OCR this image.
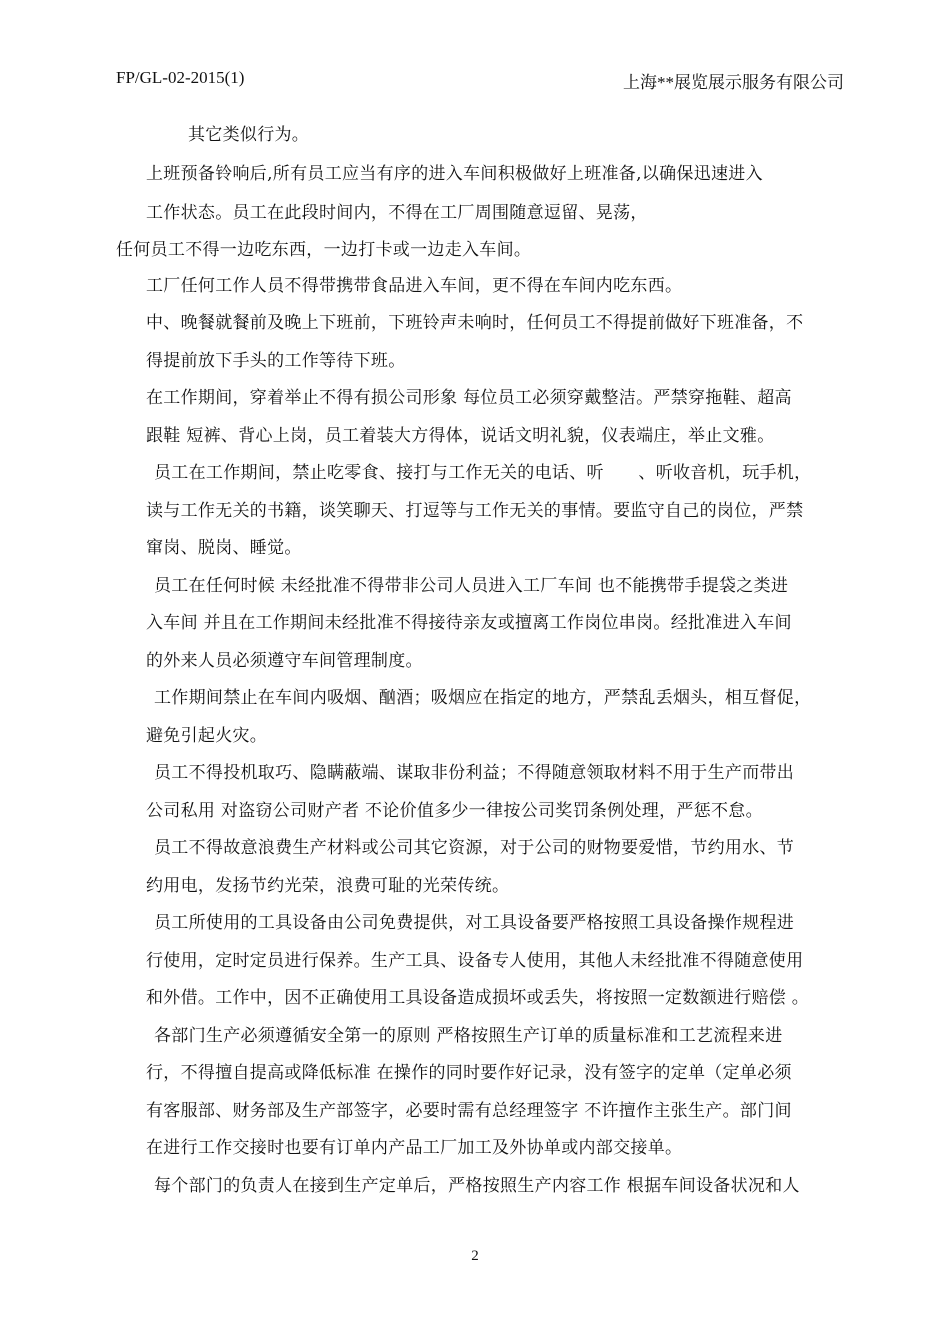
FP/GL-02-2015(1)	上海**展览展示服务有限公司
其它类似行为。
上班预备铃响后,所有员工应当有序的进入车间积极做好上班准备,以确保迅速进入
工作状态。员工在此段时间内，不得在工厂周围随意逗留、晃荡，
任何员工不得一边吃东西，一边打卡或一边走入车间。
工厂任何工作人员不得带携带食品进入车间，更不得在车间内吃东西。
中、晚餐就餐前及晚上下班前，下班铃声未响时，任何员工不得提前做好下班准备，不
得提前放下手头的工作等待下班。
在工作期间，穿着举止不得有损公司形象 每位员工必须穿戴整洁。严禁穿拖鞋、超高
跟鞋 短裤、背心上岗，员工着装大方得体，说话文明礼貌，仪表端庄，举止文雅。
员工在工作期间，禁止吃零食、接打与工作无关的电话、听　　、听收音机，玩手机，
读与工作无关的书籍，谈笑聊天、打逗等与工作无关的事情。要监守自己的岗位，严禁
窜岗、脱岗、睡觉。
员工在任何时候 未经批准不得带非公司人员进入工厂车间 也不能携带手提袋之类进
入车间 并且在工作期间未经批准不得接待亲友或擅离工作岗位串岗。经批准进入车间
的外来人员必须遵守车间管理制度。
工作期间禁止在车间内吸烟、酗酒；吸烟应在指定的地方，严禁乱丢烟头，相互督促，
避免引起火灾。
员工不得投机取巧、隐瞒蔽端、谋取非份利益；不得随意领取材料不用于生产而带出
公司私用 对盗窃公司财产者 不论价值多少一律按公司奖罚条例处理，严惩不怠。
员工不得故意浪费生产材料或公司其它资源，对于公司的财物要爱惜，节约用水、节
约用电，发扬节约光荣，浪费可耻的光荣传统。
员工所使用的工具设备由公司免费提供，对工具设备要严格按照工具设备操作规程进
行使用，定时定员进行保养。生产工具、设备专人使用，其他人未经批准不得随意使用
和外借。工作中，因不正确使用工具设备造成损坏或丢失，将按照一定数额进行赔偿 。
各部门生产必须遵循安全第一的原则 严格按照生产订单的质量标准和工艺流程来进
行，不得擅自提高或降低标准 在操作的同时要作好记录，没有签字的定单（定单必须
有客服部、财务部及生产部签字，必要时需有总经理签字 不许擅作主张生产。部门间
在进行工作交接时也要有订单内产品工厂加工及外协单或内部交接单。
每个部门的负责人在接到生产定单后，严格按照生产内容工作 根据车间设备状况和人
2
